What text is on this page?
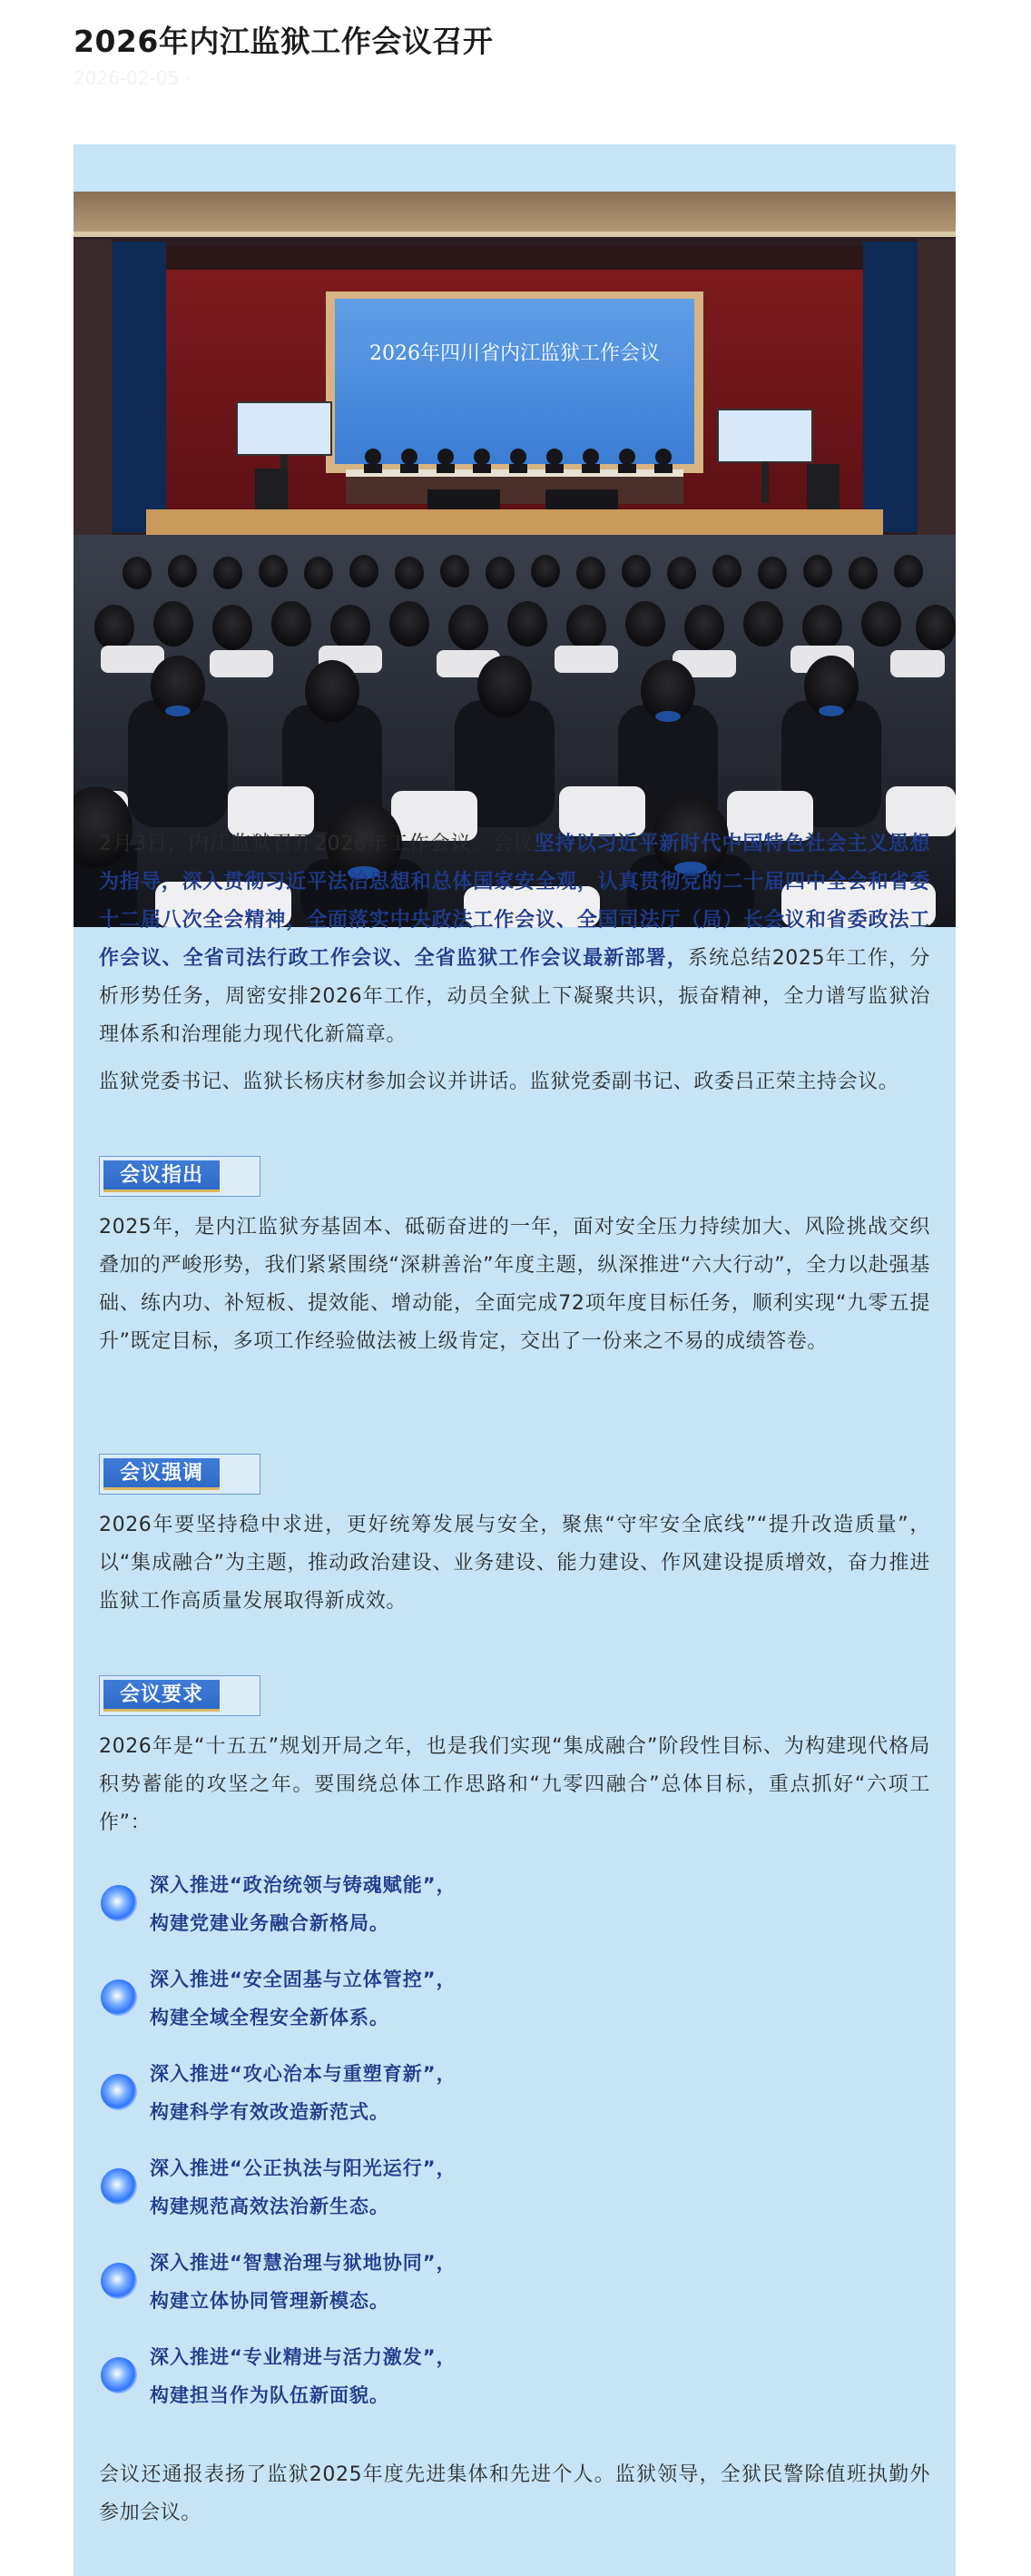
2026年内江监狱工作会议召开
2026-02-05 ·
2026年四川省内江监狱工作会议

2月3日，内江监狱召开2026年工作会议。会议坚持以习近平新时代中国特色社会主义思想为指导，深入贯彻习近平法治思想和总体国家安全观，认真贯彻党的二十届四中全会和省委十二届八次全会精神，全面落实中央政法工作会议、全国司法厅（局）长会议和省委政法工作会议、全省司法行政工作会议、全省监狱工作会议最新部署，系统总结2025年工作，分析形势任务，周密安排2026年工作，动员全狱上下凝聚共识，振奋精神，全力谱写监狱治理体系和治理能力现代化新篇章。

监狱党委书记、监狱长杨庆材参加会议并讲话。监狱党委副书记、政委吕正荣主持会议。

会议指出

2025年，是内江监狱夯基固本、砥砺奋进的一年，面对安全压力持续加大、风险挑战交织叠加的严峻形势，我们紧紧围绕“深耕善治”年度主题，纵深推进“六大行动”，全力以赴强基础、练内功、补短板、提效能、增动能，全面完成72项年度目标任务，顺利实现“九零五提升”既定目标，多项工作经验做法被上级肯定，交出了一份来之不易的成绩答卷。

会议强调

2026年要坚持稳中求进，更好统筹发展与安全，聚焦“守牢安全底线”“提升改造质量”，以“集成融合”为主题，推动政治建设、业务建设、能力建设、作风建设提质增效，奋力推进监狱工作高质量发展取得新成效。

会议要求

2026年是“十五五”规划开局之年，也是我们实现“集成融合”阶段性目标、为构建现代格局积势蓄能的攻坚之年。要围绕总体工作思路和“九零四融合”总体目标，重点抓好“六项工作”：

深入推进“政治统领与铸魂赋能”，
构建党建业务融合新格局。
深入推进“安全固基与立体管控”，
构建全域全程安全新体系。
深入推进“攻心治本与重塑育新”，
构建科学有效改造新范式。
深入推进“公正执法与阳光运行”，
构建规范高效法治新生态。
深入推进“智慧治理与狱地协同”，
构建立体协同管理新模态。
深入推进“专业精进与活力激发”，
构建担当作为队伍新面貌。

会议还通报表扬了监狱2025年度先进集体和先进个人。监狱领导，全狱民警除值班执勤外参加会议。
